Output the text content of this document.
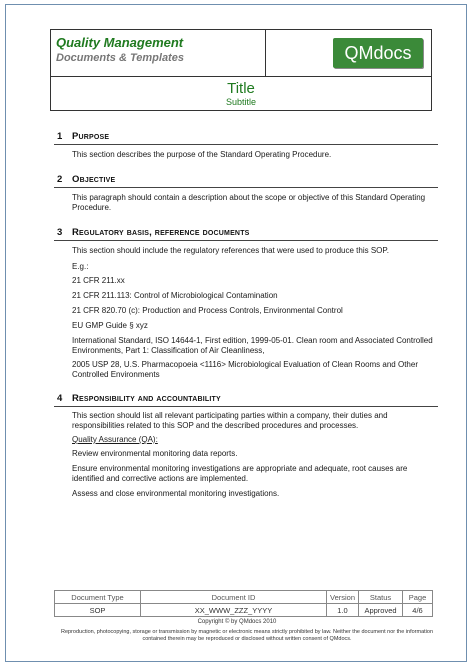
Quality Management
Documents & Templates	QMdocs
Title
Subtitle
1 Purpose
This section describes the purpose of the Standard Operating Procedure.
2 Objective
This paragraph should contain a description about the scope or objective of this Standard Operating Procedure.
3 Regulatory basis, reference documents
This section should include the regulatory references that were used to produce this SOP.
E.g.:
21 CFR 211.xx
21 CFR 211.113: Control of Microbiological Contamination
21 CFR 820.70 (c): Production and Process Controls, Environmental Control
EU GMP Guide § xyz
International Standard, ISO 14644-1, First edition, 1999-05-01. Clean room and Associated Controlled Environments, Part 1: Classification of Air Cleanliness,
2005 USP 28, U.S. Pharmacopoeia <1116> Microbiological Evaluation of Clean Rooms and Other Controlled Environments
4 Responsibility and accountability
This section should list all relevant participating parties within a company, their duties and responsibilities related to this SOP and the described procedures and processes.
Quality Assurance (QA):
Review environmental monitoring data reports.
Ensure environmental monitoring investigations are appropriate and adequate, root causes are identified and corrective actions are implemented.
Assess and close environmental monitoring investigations.
Document Type	Document ID	Version	Status	Page
SOP	XX_WWW_ZZZ_YYYY	1.0	Approved	4/6
Copyright © by QMdocs 2010
Reproduction, photocopying, storage or transmission by magnetic or electronic means strictly prohibited by law. Neither the document nor the information contained therein may be reproduced or disclosed without written consent of QMdocs.
